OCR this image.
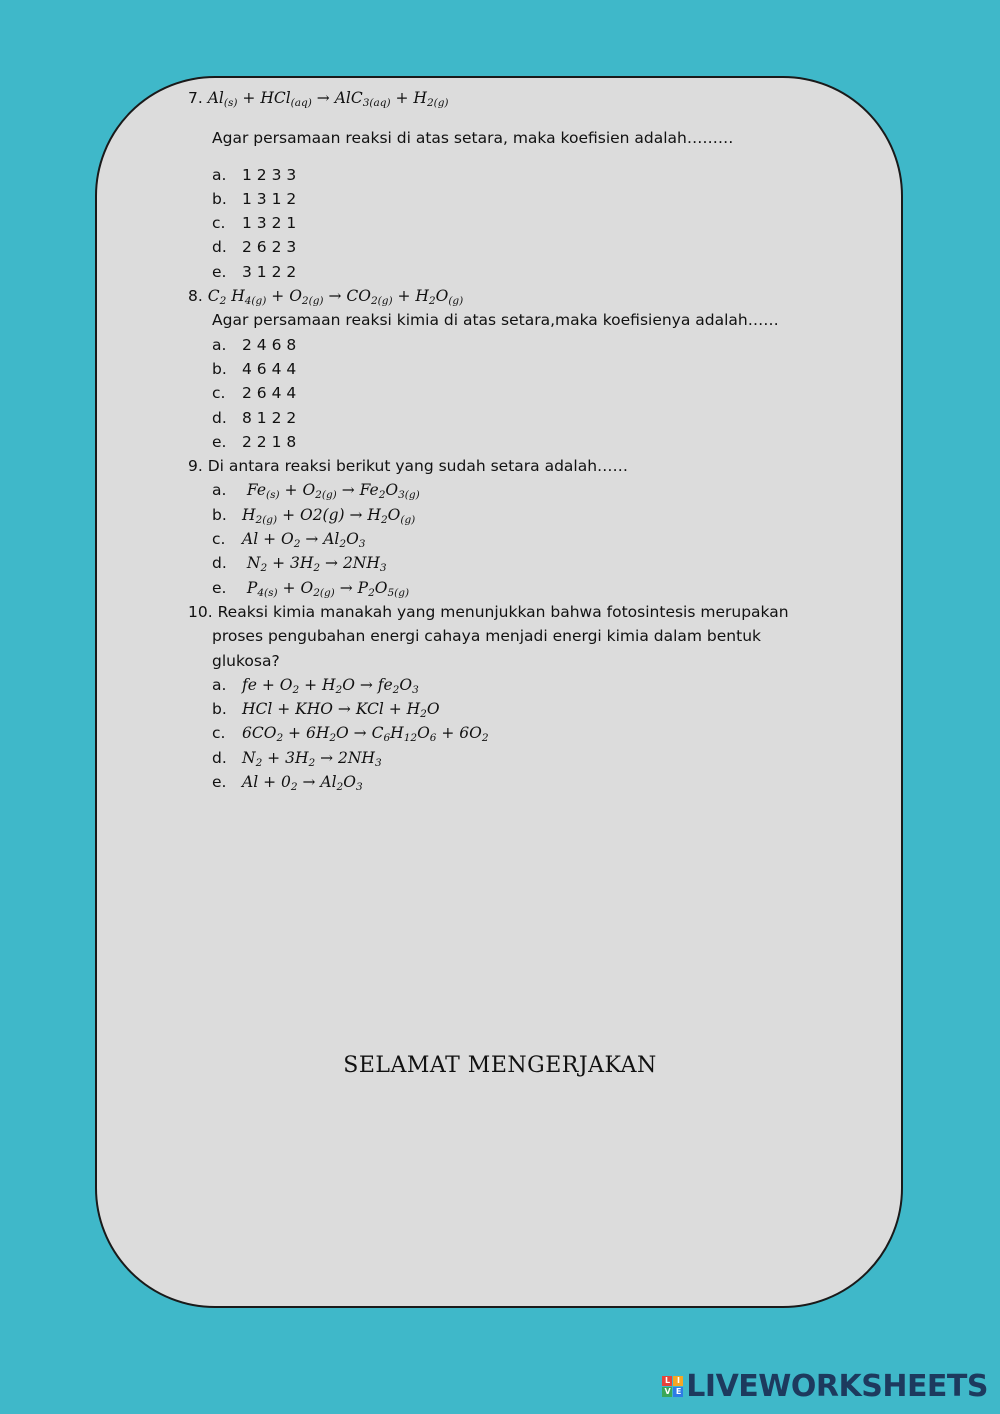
7. $Al_{(s)} + HCl_{(aq)} \to AlC_{3(aq)} + H_{2(g)}$
Agar persamaan reaksi di atas setara, maka koefisien adalah………
a. 1 2 3 3
b. 1 3 1 2
c. 1 3 2 1
d. 2 6 2 3
e. 3 1 2 2
8. $C_2$ $H_{4(g)} + O_{2(g)} \to CO_{2(g)} + H_2O_{(g)}$
Agar persamaan reaksi kimia di atas setara,maka koefisienya adalah……
a. 2 4 6 8
b. 4 6 4 4
c. 2 6 4 4
d. 8 1 2 2
e. 2 2 1 8
9. Di antara reaksi berikut yang sudah setara adalah……
a. $Fe_{(s)} + O_{2(g)} \to Fe_2O_{3(g)}$
b. $H_{2(g)} + O2(g) \to H_2O_{(g)}$
c. $Al + O_2 \to Al_2O_3$
d. $N_2 + 3H_2 \to 2NH_3$
e. $P_{4(s)} + O_{2(g)} \to P_2O_{5(g)}$
10. Reaksi kimia manakah yang menunjukkan bahwa fotosintesis merupakan
proses pengubahan energi cahaya menjadi energi kimia dalam bentuk
glukosa?
a. fe + $O_2 + H_2O \to fe_2O_3$
b. HCl + KHO → KCl + $H_2O$
c. $6CO_2 + 6H_2O \to C_6H_{12}O_6 + 6O_2$
d. $N_2 + 3H_2 \to 2NH_3$
e. $Al + 0_2 \to Al_2O_3$
SELAMAT MENGERJAKAN
L I
V E LIVEWORKSHEETS
